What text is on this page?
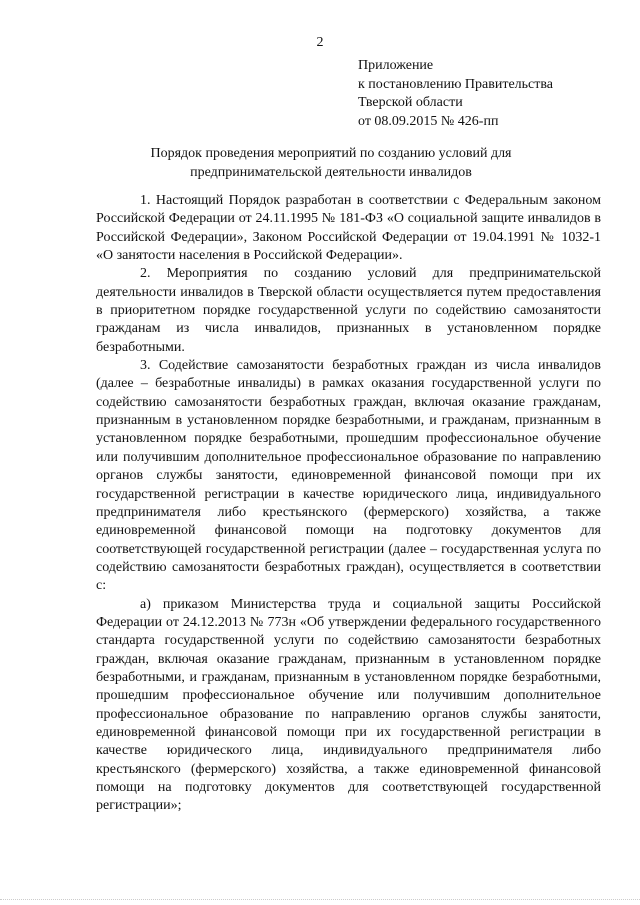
2
Приложение
к постановлению Правительства
Тверской области
от 08.09.2015 № 426-пп
Порядок проведения мероприятий по созданию условий для
предпринимательской деятельности инвалидов

1. Настоящий Порядок разработан в соответствии с Федеральным законом Российской Федерации от 24.11.1995 № 181-ФЗ «О социальной защите инвалидов в Российской Федерации», Законом Российской Федерации от 19.04.1991 № 1032-1 «О занятости населения в Российской Федерации».

2. Мероприятия по созданию условий для предпринимательской деятельности инвалидов в Тверской области осуществляется путем предоставления в приоритетном порядке государственной услуги по содействию самозанятости гражданам из числа инвалидов, признанных в установленном порядке безработными.

3. Содействие самозанятости безработных граждан из числа инвалидов (далее – безработные инвалиды) в рамках оказания государственной услуги по содействию самозанятости безработных граждан, включая оказание гражданам, признанным в установленном порядке безработными, и гражданам, признанным в установленном порядке безработными, прошедшим профессиональное обучение или получившим дополнительное профессиональное образование по направлению органов службы занятости, единовременной финансовой помощи при их государственной регистрации в качестве юридического лица, индивидуального предпринимателя либо крестьянского (фермерского) хозяйства, а также единовременной финансовой помощи на подготовку документов для соответствующей государственной регистрации (далее – государственная услуга по содействию самозанятости безработных граждан), осуществляется в соответствии с:

а) приказом Министерства труда и социальной защиты Российской Федерации от 24.12.2013 № 773н «Об утверждении федерального государственного стандарта государственной услуги по содействию самозанятости безработных граждан, включая оказание гражданам, признанным в установленном порядке безработными, и гражданам, признанным в установленном порядке безработными, прошедшим профессиональное обучение или получившим дополнительное профессиональное образование по направлению органов службы занятости, единовременной финансовой помощи при их государственной регистрации в качестве юридического лица, индивидуального предпринимателя либо крестьянского (фермерского) хозяйства, а также единовременной финансовой помощи на подготовку документов для соответствующей государственной регистрации»;
